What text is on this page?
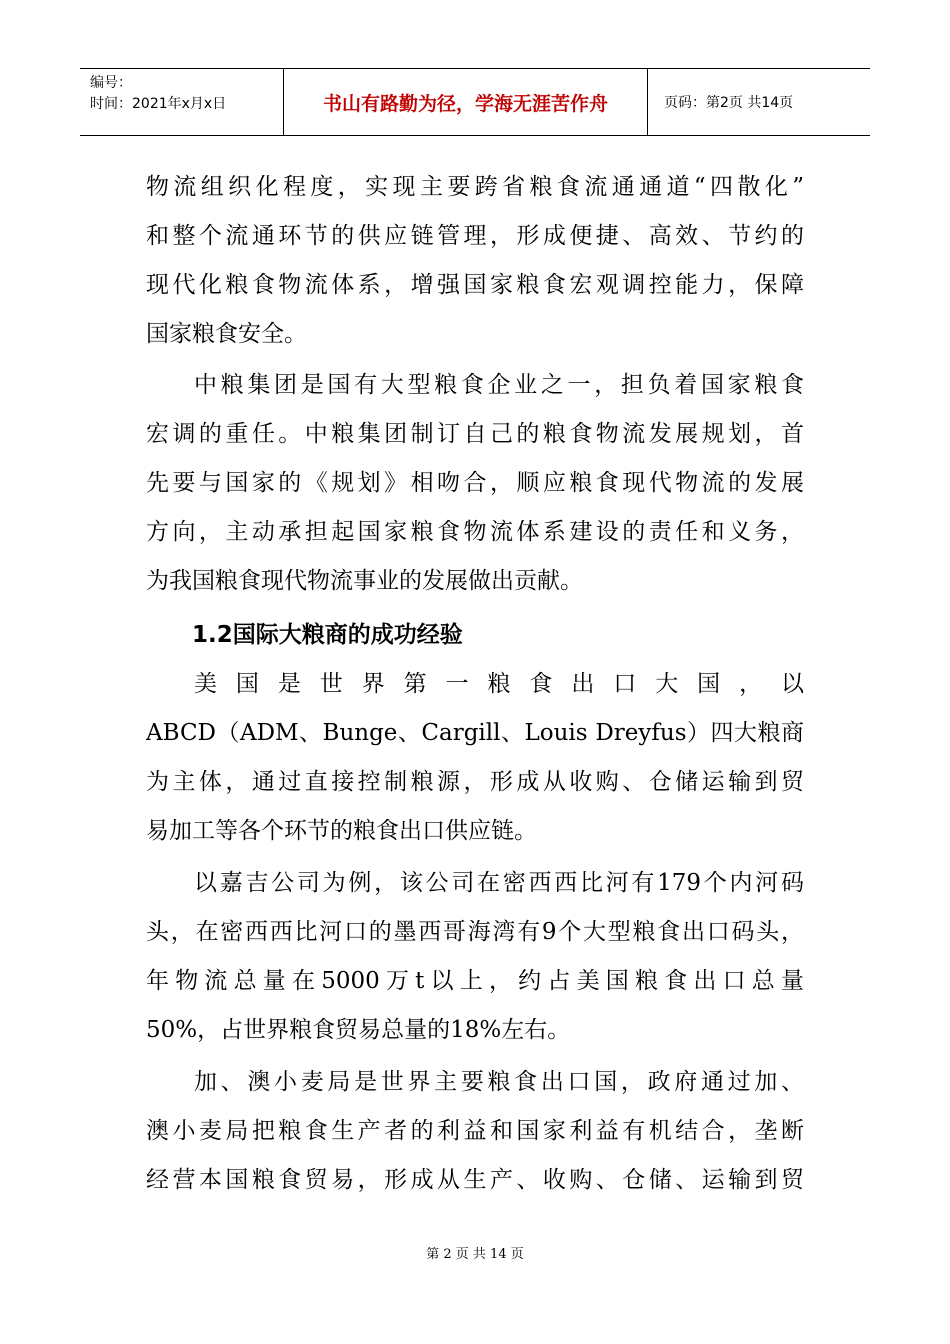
编号：
时间：2021年x月x日	书山有路勤为径，学海无涯苦作舟	页码：第2页 共14页
物流组织化程度，实现主要跨省粮食流通通道“四散化”
和整个流通环节的供应链管理，形成便捷、高效、节约的
现代化粮食物流体系，增强国家粮食宏观调控能力，保障
国家粮食安全。
中粮集团是国有大型粮食企业之一，担负着国家粮食
宏调的重任。中粮集团制订自己的粮食物流发展规划，首
先要与国家的《规划》相吻合，顺应粮食现代物流的发展
方向，主动承担起国家粮食物流体系建设的责任和义务，
为我国粮食现代物流事业的发展做出贡献。
1.2国际大粮商的成功经验
美国是世界第一粮食出口大国，以
ABCD（ADM、Bunge、Cargill、Louis Dreyfus）四大粮商
为主体，通过直接控制粮源，形成从收购、仓储运输到贸
易加工等各个环节的粮食出口供应链。
以嘉吉公司为例，该公司在密西西比河有179个内河码
头，在密西西比河口的墨西哥海湾有9个大型粮食出口码头，
年物流总量在5000万t以上，约占美国粮食出口总量
50%，占世界粮食贸易总量的18%左右。
加、澳小麦局是世界主要粮食出口国，政府通过加、
澳小麦局把粮食生产者的利益和国家利益有机结合，垄断
经营本国粮食贸易，形成从生产、收购、仓储、运输到贸
第 2 页 共 14 页
